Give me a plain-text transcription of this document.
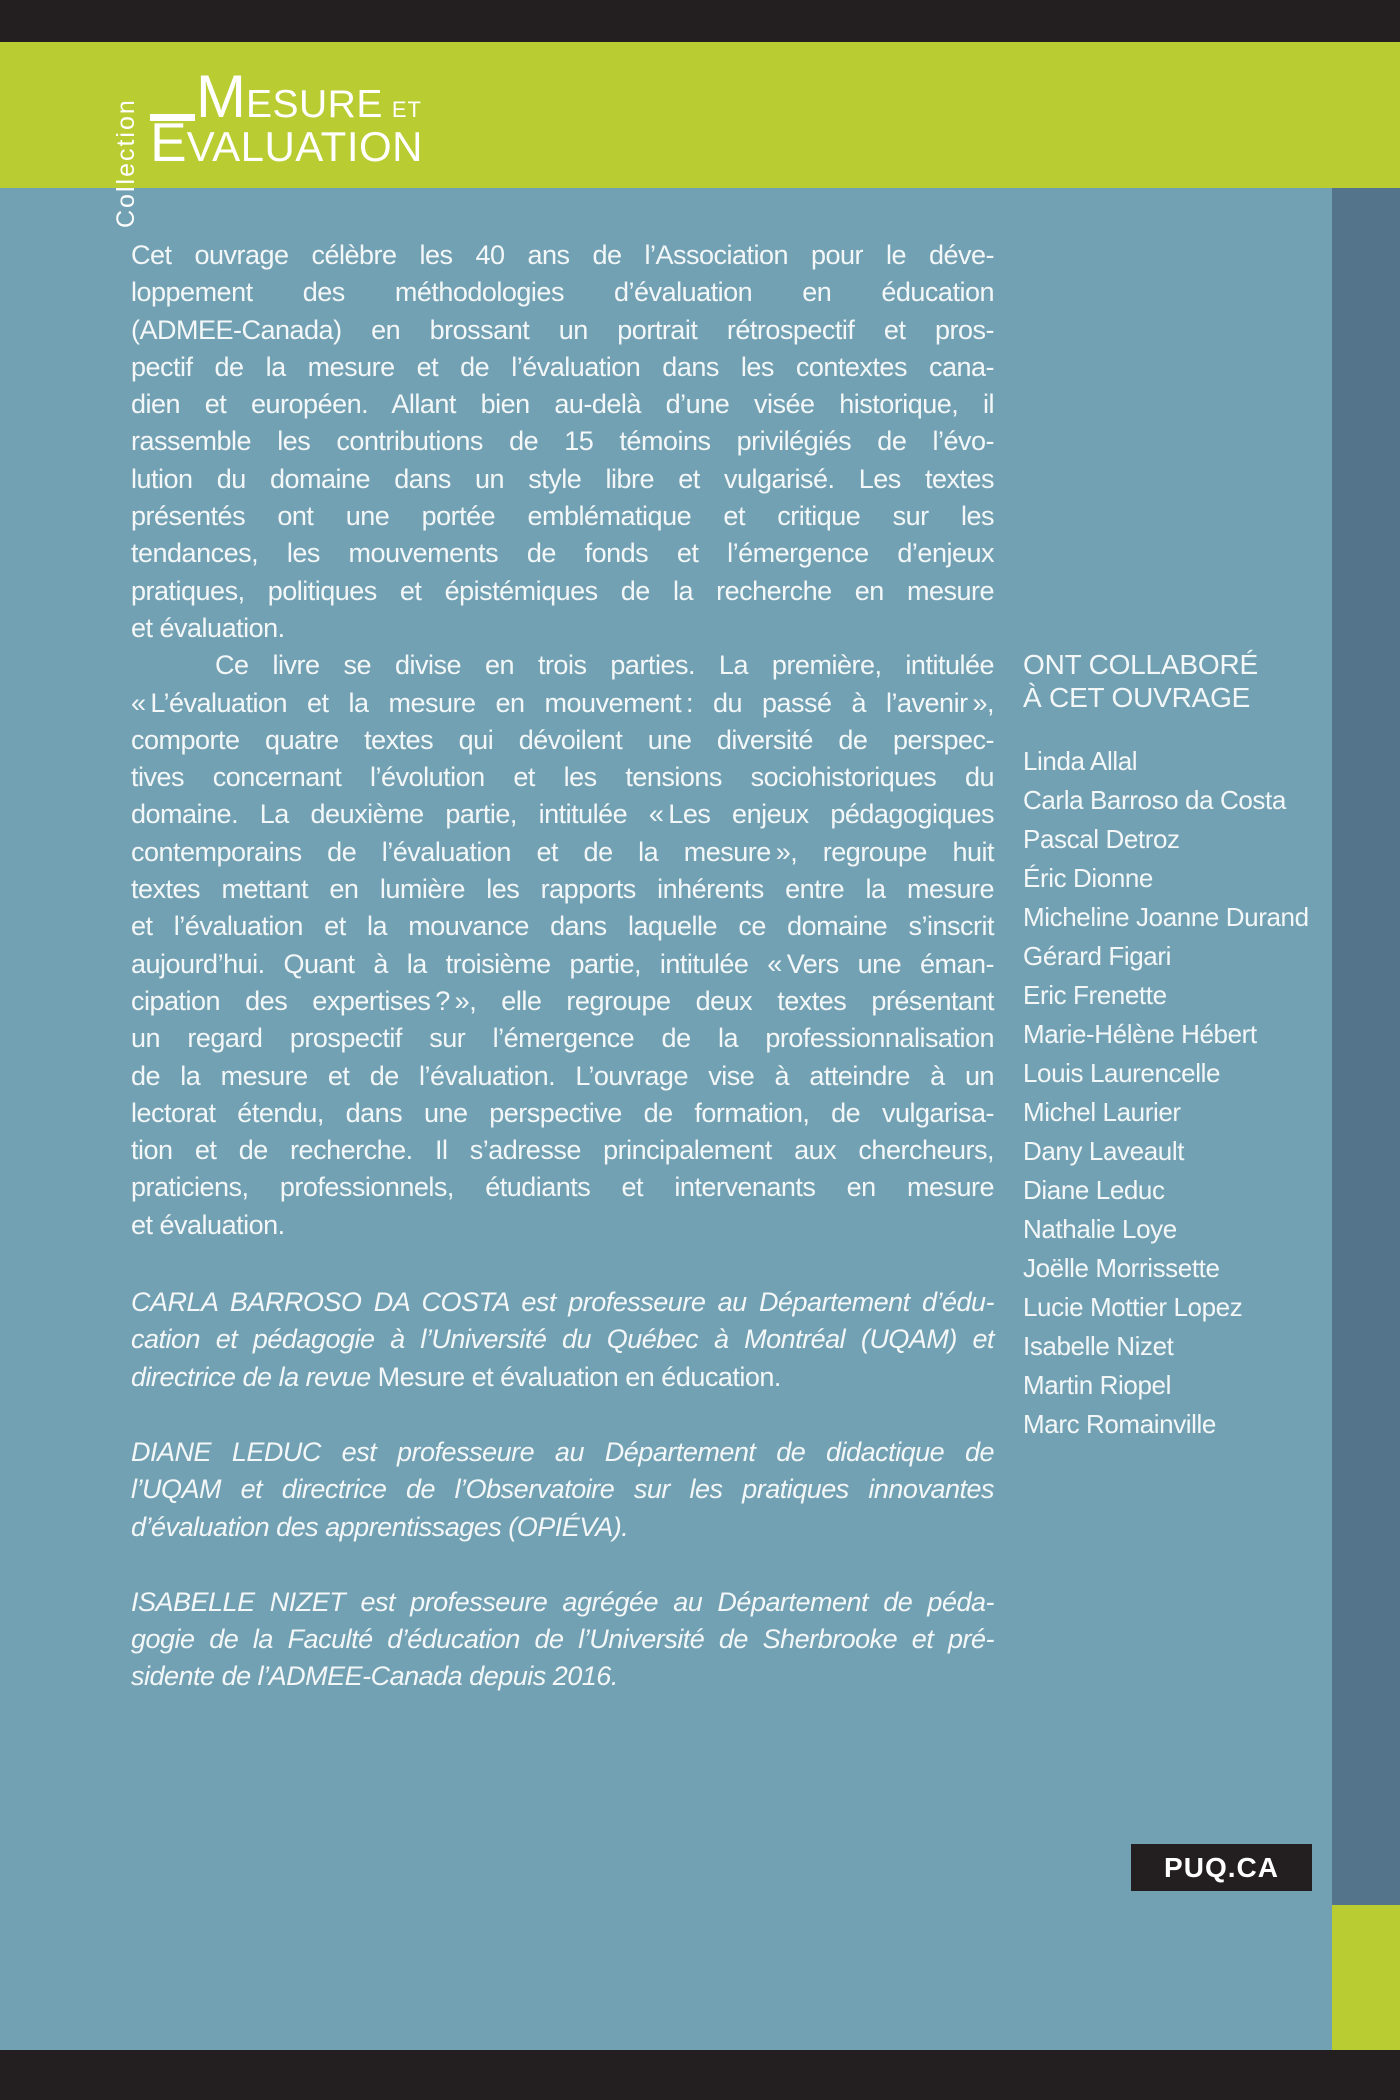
Collection
M ESURE ET
E VALUATION
Cet ouvrage célèbre les 40 ans de l’Association pour le déve-
loppement des méthodologies d’évaluation en éducation
(ADMEE-Canada) en brossant un portrait rétrospectif et pros-
pectif de la mesure et de l’évaluation dans les contextes cana-
dien et européen. Allant bien au-delà d’une visée historique, il
rassemble les contributions de 15 témoins privilégiés de l’évo-
lution du domaine dans un style libre et vulgarisé. Les textes
présentés ont une portée emblématique et critique sur les
tendances, les mouvements de fonds et l’émergence d’enjeux
pratiques, politiques et épistémiques de la recherche en mesure
et évaluation.
Ce livre se divise en trois parties. La première, intitulée
« L’évaluation et la mesure en mouvement : du passé à l’avenir »,
comporte quatre textes qui dévoilent une diversité de perspec-
tives concernant l’évolution et les tensions sociohistoriques du
domaine. La deuxième partie, intitulée « Les enjeux pédagogiques
contemporains de l’évaluation et de la mesure », regroupe huit
textes mettant en lumière les rapports inhérents entre la mesure
et l’évaluation et la mouvance dans laquelle ce domaine s’inscrit
aujourd’hui. Quant à la troisième partie, intitulée « Vers une éman-
cipation des expertises ? », elle regroupe deux textes présentant
un regard prospectif sur l’émergence de la professionnalisation
de la mesure et de l’évaluation. L’ouvrage vise à atteindre à un
lectorat étendu, dans une perspective de formation, de vulgarisa-
tion et de recherche. Il s’adresse principalement aux chercheurs,
praticiens, professionnels, étudiants et intervenants en mesure
et évaluation.
CARLA BARROSO DA COSTA est professeure au Département d’édu-
cation et pédagogie à l’Université du Québec à Montréal (UQAM) et
directrice de la revue Mesure et évaluation en éducation.
DIANE LEDUC est professeure au Département de didactique de
l’UQAM et directrice de l’Observatoire sur les pratiques innovantes
d’évaluation des apprentissages (OPIÉVA).
ISABELLE NIZET est professeure agrégée au Département de péda-
gogie de la Faculté d’éducation de l’Université de Sherbrooke et pré-
sidente de l’ADMEE-Canada depuis 2016.
ONT COLLABORÉ
À CET OUVRAGE
Linda Allal
Carla Barroso da Costa
Pascal Detroz
Éric Dionne
Micheline Joanne Durand
Gérard Figari
Eric Frenette
Marie-Hélène Hébert
Louis Laurencelle
Michel Laurier
Dany Laveault
Diane Leduc
Nathalie Loye
Joëlle Morrissette
Lucie Mottier Lopez
Isabelle Nizet
Martin Riopel
Marc Romainville
PUQ.CA
